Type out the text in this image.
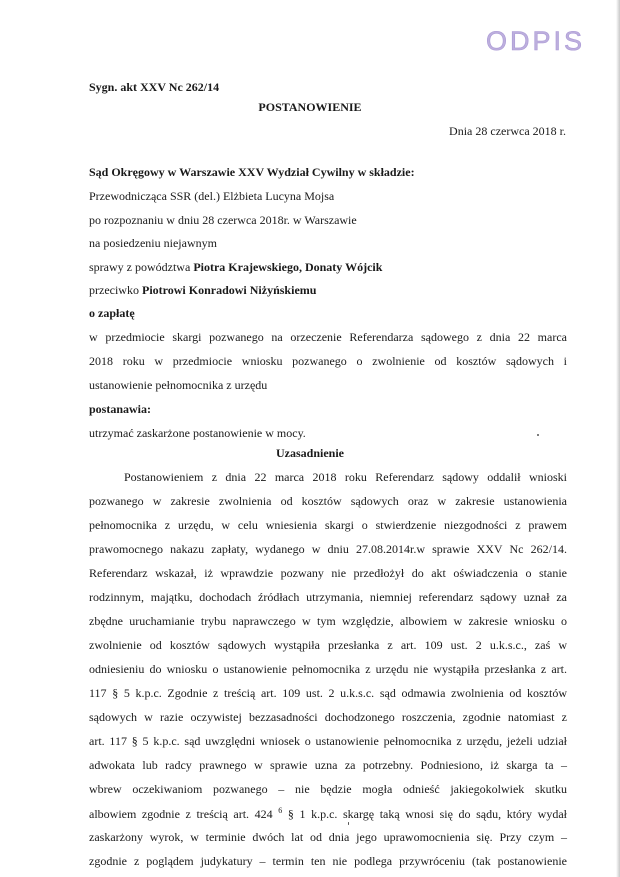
ODPIS
Sygn. akt XXV Nc 262/14
POSTANOWIENIE
Dnia 28 czerwca 2018 r.
Sąd Okręgowy w Warszawie XXV Wydział Cywilny w składzie:
Przewodnicząca SSR (del.) Elżbieta Lucyna Mojsa
po rozpoznaniu w dniu 28 czerwca 2018r. w Warszawie
na posiedzeniu niejawnym
sprawy z powództwa Piotra Krajewskiego, Donaty Wójcik
przeciwko Piotrowi Konradowi Niżyńskiemu
o zapłatę
w przedmiocie skargi pozwanego na orzeczenie Referendarza sądowego z dnia 22 marca
2018 roku w przedmiocie wniosku pozwanego o zwolnienie od kosztów sądowych i
ustanowienie pełnomocnika z urzędu
postanawia:
utrzymać zaskarżone postanowienie w mocy.
Uzasadnienie
Postanowieniem z dnia 22 marca 2018 roku Referendarz sądowy oddalił wnioski
pozwanego w zakresie zwolnienia od kosztów sądowych oraz w zakresie ustanowienia
pełnomocnika z urzędu, w celu wniesienia skargi o stwierdzenie niezgodności z prawem
prawomocnego nakazu zapłaty, wydanego w dniu 27.08.2014r.w sprawie XXV Nc 262/14.
Referendarz wskazał, iż wprawdzie pozwany nie przedłożył do akt oświadczenia o stanie
rodzinnym, majątku, dochodach źródłach utrzymania, niemniej referendarz sądowy uznał za
zbędne uruchamianie trybu naprawczego w tym względzie, albowiem w zakresie wniosku o
zwolnienie od kosztów sądowych wystąpiła przesłanka z art. 109 ust. 2 u.k.s.c., zaś w
odniesieniu do wniosku o ustanowienie pełnomocnika z urzędu nie wystąpiła przesłanka z art.
117 § 5 k.p.c. Zgodnie z treścią art. 109 ust. 2 u.k.s.c. sąd odmawia zwolnienia od kosztów
sądowych w razie oczywistej bezzasadności dochodzonego roszczenia, zgodnie natomiast z
art. 117 § 5 k.p.c. sąd uwzględni wniosek o ustanowienie pełnomocnika z urzędu, jeżeli udział
adwokata lub radcy prawnego w sprawie uzna za potrzebny. Podniesiono, iż skarga ta –
wbrew oczekiwaniom pozwanego – nie będzie mogła odnieść jakiegokolwiek skutku
albowiem zgodnie z treścią art. 424 $^6$ § 1 k.p.c. skargę taką wnosi się do sądu, który wydał
zaskarżony wyrok, w terminie dwóch lat od dnia jego uprawomocnienia się. Przy czym –
zgodnie z poglądem judykatury – termin ten nie podlega przywróceniu (tak postanowienie
